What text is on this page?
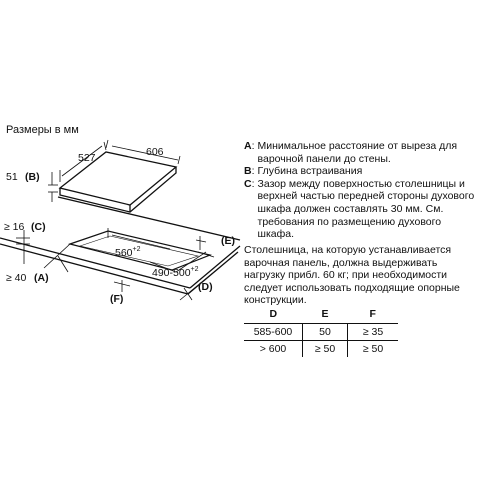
Размеры в мм
527	606
51 (B)
≥ 16 (C)
≥ 40 (A)
$560^{+2}$
$490-500^{+2}$
(E)
(D)
(F)
A : Минимальное расстояние от выреза для варочной панели до стены.
B : Глубина встраивания
C : Зазор между поверхностью столешницы и верхней частью передней стороны духового шкафа должен составлять 30 мм. См. требования по размещению духового шкафа.
Столешница, на которую устанавливается варочная панель, должна выдерживать нагрузку прибл. 60 кг; при необходимости следует использовать подходящие опорные конструкции.
D	E	F
585-600	50	≥ 35
> 600	≥ 50	≥ 50
